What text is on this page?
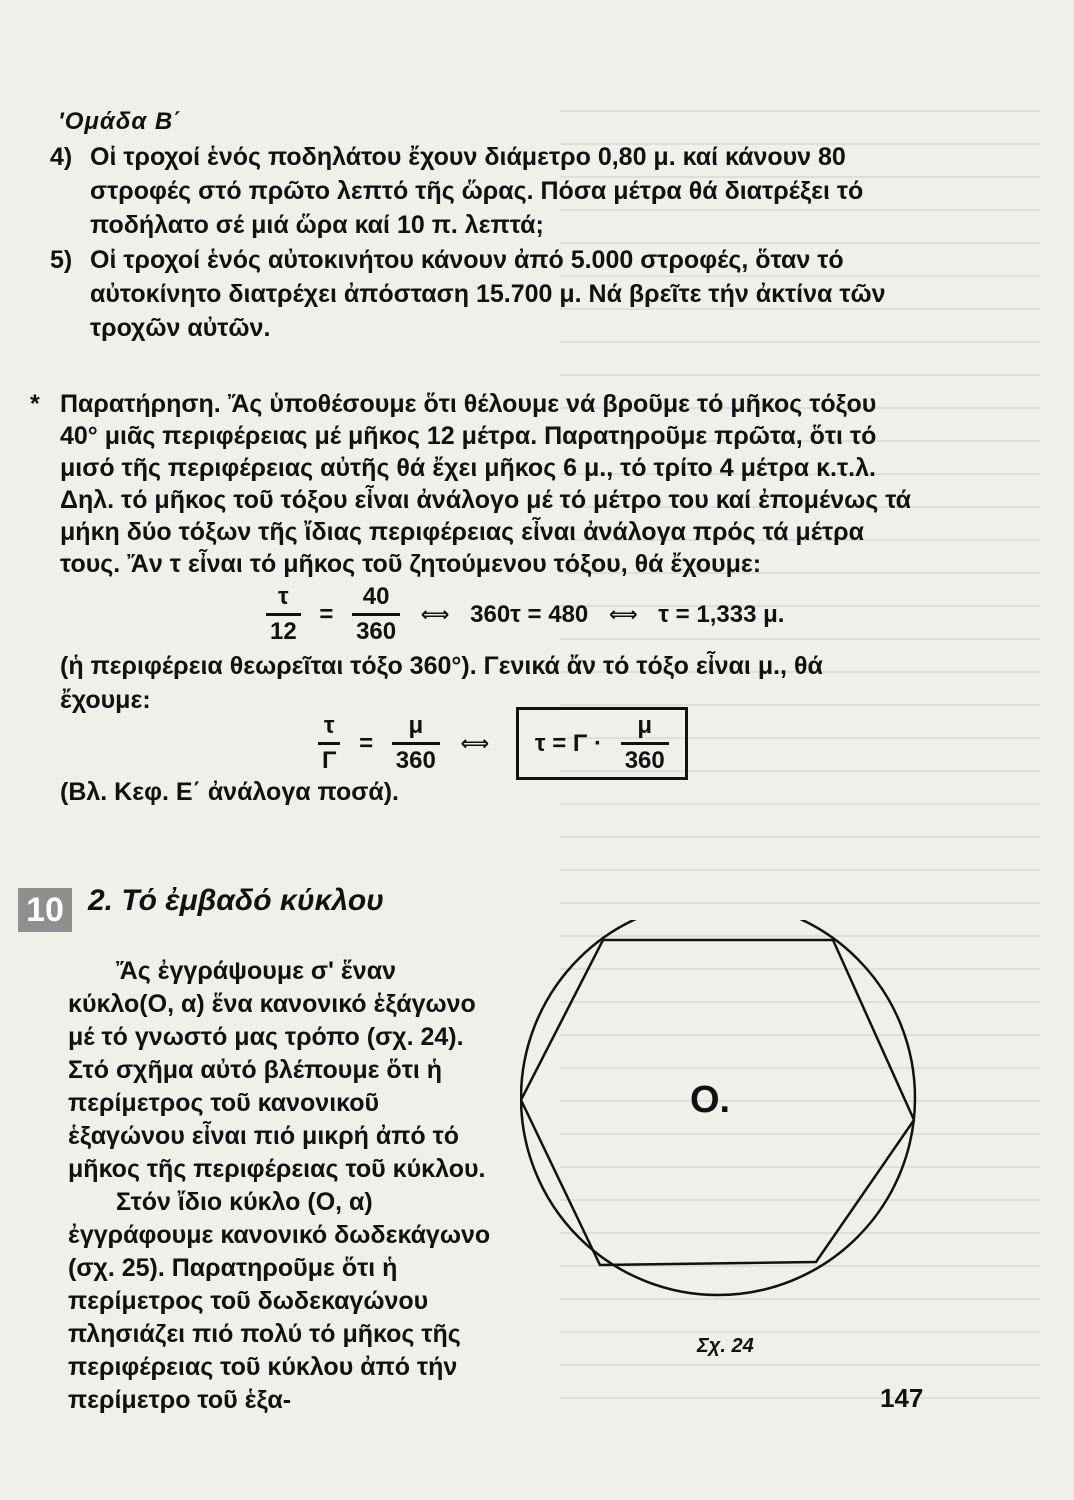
'Ομάδα Β΄
4) Οἱ τροχοί ἑνός ποδηλάτου ἔχουν διάμετρο 0,80 μ. καί κάνουν 80 στροφές στό πρῶτο λεπτό τῆς ὥρας. Πόσα μέτρα θά διατρέξει τό ποδήλατο σέ μιά ὥρα καί 10 π. λεπτά;
5) Οἱ τροχοί ἑνός αὐτοκινήτου κάνουν ἀπό 5.000 στροφές, ὅταν τό αὐτοκίνητο διατρέχει ἀπόσταση 15.700 μ. Νά βρεῖτε τήν ἀκτίνα τῶν τροχῶν αὐτῶν.
* Παρατήρηση. Ἄς ὑποθέσουμε ὅτι θέλουμε νά βροῦμε τό μῆκος τόξου 40° μιᾶς περιφέρειας μέ μῆκος 12 μέτρα. Παρατηροῦμε πρῶτα, ὅτι τό μισό τῆς περιφέρειας αὐτῆς θά ἔχει μῆκος 6 μ., τό τρίτο 4 μέτρα κ.τ.λ. Δηλ. τό μῆκος τοῦ τόξου εἶναι ἀνάλογο μέ τό μέτρο του καί ἐπομένως τά μήκη δύο τόξων τῆς ἴδιας περιφέρειας εἶναι ἀνάλογα πρός τά μέτρα τους. Ἄν τ εἶναι τό μῆκος τοῦ ζητούμενου τόξου, θά ἔχουμε:
$\frac{\tau}{12} = \frac{40}{360}$ ⟺ 360τ = 480 ⟺ τ = 1,333 μ.
(ἡ περιφέρεια θεωρεῖται τόξο 360°). Γενικά ἄν τό τόξο εἶναι μ., θά
ἔχουμε:
$\frac{\tau}{\Gamma} = \frac{\mu}{360}$ ⟺ $\tau = \Gamma \cdot \frac{\mu}{360}$
(Βλ. Κεφ. Ε΄ ἀνάλογα ποσά).
10 2. Τό ἐμβαδό κύκλου

Ἄς ἐγγράψουμε σ' ἕναν κύκλο(Ο, α) ἕνα κανονικό ἑξάγωνο μέ τό γνωστό μας τρόπο (σχ. 24). Στό σχῆμα αὐτό βλέπουμε ὅτι ἡ περίμετρος τοῦ κανονικοῦ ἑξαγώνου εἶναι πιό μικρή ἀπό τό μῆκος τῆς περιφέρειας τοῦ κύκλου.

Στόν ἴδιο κύκλο (Ο, α) ἐγγράφουμε κανονικό δωδεκάγωνο (σχ. 25). Παρατηροῦμε ὅτι ἡ περίμετρος τοῦ δωδεκαγώνου πλησιάζει πιό πολύ τό μῆκος τῆς περιφέρειας τοῦ κύκλου ἀπό τήν περίμετρο τοῦ ἑξα-

O.
Σχ. 24
147
